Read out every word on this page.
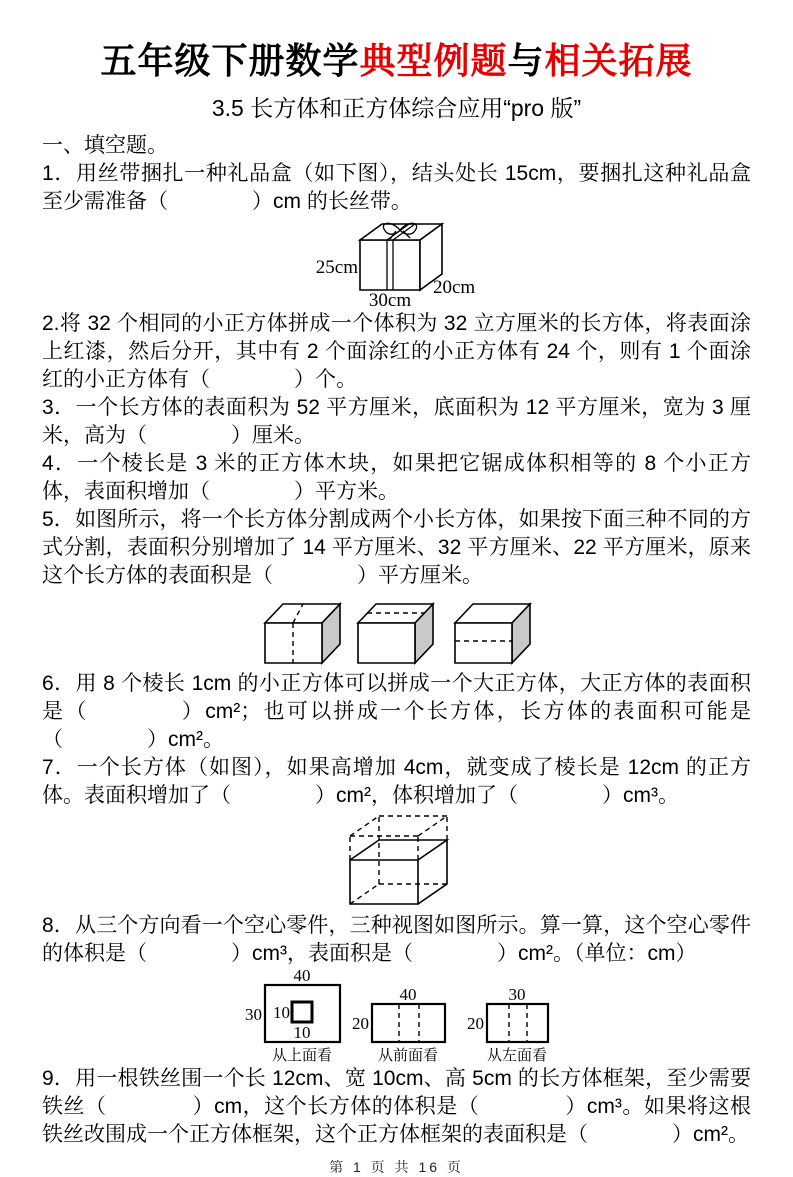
五年级下册数学典型例题与相关拓展
3.5 长方体和正方体综合应用“pro 版”
一、填空题。

1．用丝带捆扎一种礼品盒（如下图），结头处长 15cm，要捆扎这种礼品盒至少需准备（　　　　）cm 的长丝带。

25cm
30cm
20cm

2.将 32 个相同的小正方体拼成一个体积为 32 立方厘米的长方体，将表面涂上红漆，然后分开，其中有 2 个面涂红的小正方体有 24 个，则有 1 个面涂红的小正方体有（　　　　）个。

3．一个长方体的表面积为 52 平方厘米，底面积为 12 平方厘米，宽为 3 厘米，高为（　　　　）厘米。

4．一个棱长是 3 米的正方体木块，如果把它锯成体积相等的 8 个小正方体，表面积增加（　　　　）平方米。

5．如图所示，将一个长方体分割成两个小长方体，如果按下面三种不同的方式分割，表面积分别增加了 14 平方厘米、32 平方厘米、22 平方厘米，原来这个长方体的表面积是（　　　　）平方厘米。

6．用 8 个棱长 1cm 的小正方体可以拼成一个大正方体，大正方体的表面积是（　　　　）cm²；也可以拼成一个长方体，长方体的表面积可能是（　　　　）cm²。

7．一个长方体（如图），如果高增加 4cm，就变成了棱长是 12cm 的正方体。表面积增加了（　　　　）cm²，体积增加了（　　　　）cm³。

8．从三个方向看一个空心零件，三种视图如图所示。算一算，这个空心零件的体积是（　　　　）cm³，表面积是（　　　　）cm²。（单位：cm）

40
30 10
10
从上面看
40
20
从前面看
30
20
从左面看

9．用一根铁丝围一个长 12cm、宽 10cm、高 5cm 的长方体框架，至少需要铁丝（　　　　）cm，这个长方体的体积是（　　　　）cm³。如果将这根铁丝改围成一个正方体框架，这个正方体框架的表面积是（　　　　）cm²。

第 1 页 共 16 页
